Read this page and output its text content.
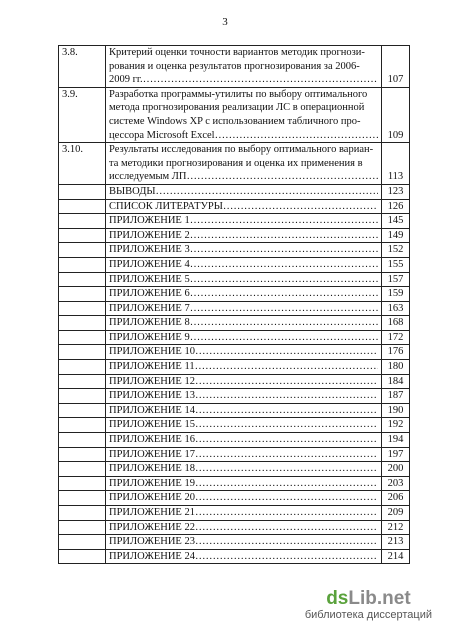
3
3.8.	Критерий оценки точности вариантов методик прогнози-
рования и оценка результатов прогнозирования за 2006-
2009 гг. …………………………………………………………………………………………………	107
3.9.	Разработка программы-утилиты по выбору оптимального
метода прогнозирования реализации ЛС в операционной
системе Windows XP с использованием табличного про-
цессора Microsoft Excel …………………………………………………………………………………………………	109
3.10.	Результаты исследования по выбору оптимального вариан-
та методики прогнозирования и оценка их применения в
исследуемым ЛП …………………………………………………………………………………………………	113

	ВЫВОДЫ …………………………………………………………………………………………………	123

	СПИСОК ЛИТЕРАТУРЫ …………………………………………………………………………………………………	126

	ПРИЛОЖЕНИЕ 1 …………………………………………………………………………………………………	145

	ПРИЛОЖЕНИЕ 2 …………………………………………………………………………………………………	149

	ПРИЛОЖЕНИЕ 3 …………………………………………………………………………………………………	152

	ПРИЛОЖЕНИЕ 4 …………………………………………………………………………………………………	155

	ПРИЛОЖЕНИЕ 5 …………………………………………………………………………………………………	157

	ПРИЛОЖЕНИЕ 6 …………………………………………………………………………………………………	159

	ПРИЛОЖЕНИЕ 7 …………………………………………………………………………………………………	163

	ПРИЛОЖЕНИЕ 8 …………………………………………………………………………………………………	168

	ПРИЛОЖЕНИЕ 9 …………………………………………………………………………………………………	172

	ПРИЛОЖЕНИЕ 10 …………………………………………………………………………………………………	176

	ПРИЛОЖЕНИЕ 11 …………………………………………………………………………………………………	180

	ПРИЛОЖЕНИЕ 12 …………………………………………………………………………………………………	184

	ПРИЛОЖЕНИЕ 13 …………………………………………………………………………………………………	187

	ПРИЛОЖЕНИЕ 14 …………………………………………………………………………………………………	190

	ПРИЛОЖЕНИЕ 15 …………………………………………………………………………………………………	192

	ПРИЛОЖЕНИЕ 16 …………………………………………………………………………………………………	194

	ПРИЛОЖЕНИЕ 17 …………………………………………………………………………………………………	197

	ПРИЛОЖЕНИЕ 18 …………………………………………………………………………………………………	200

	ПРИЛОЖЕНИЕ 19 …………………………………………………………………………………………………	203

	ПРИЛОЖЕНИЕ 20 …………………………………………………………………………………………………	206

	ПРИЛОЖЕНИЕ 21 …………………………………………………………………………………………………	209

	ПРИЛОЖЕНИЕ 22 …………………………………………………………………………………………………	212

	ПРИЛОЖЕНИЕ 23 …………………………………………………………………………………………………	213

	ПРИЛОЖЕНИЕ 24 …………………………………………………………………………………………………	214
dsLib.net
библиотека диссертаций
